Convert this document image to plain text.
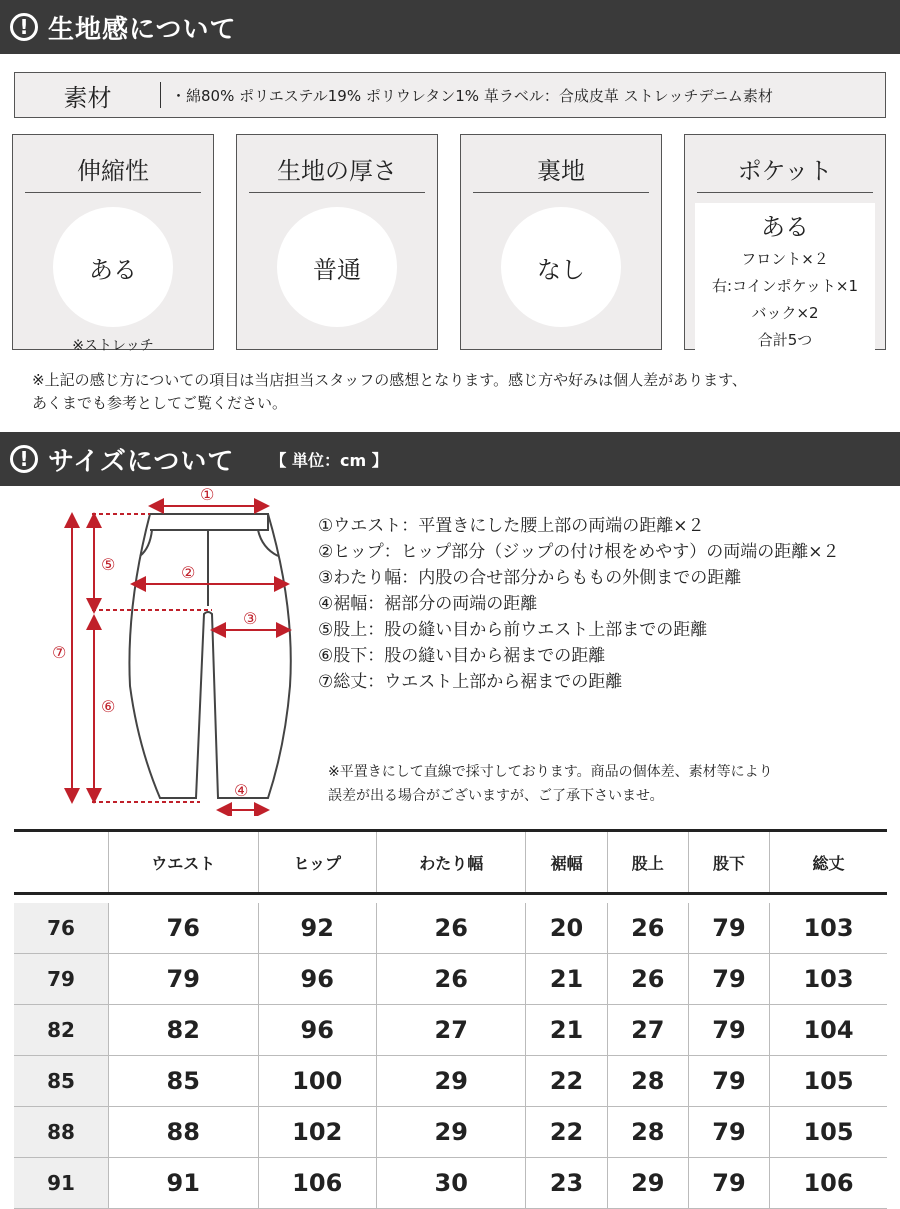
! 生地感について
素材	・綿80% ポリエステル19% ポリウレタン1% 革ラベル：合成皮革 ストレッチデニム素材
伸縮性
ある
※ストレッチ
生地の厚さ
普通
裏地
なし
ポケット
ある
フロント×２
右:コインポケット×1
バック×2
合計5つ
※上記の感じ方についての項目は当店担当スタッフの感想となります。感じ方や好みは個人差があります、
あくまでも参考としてご覧ください。
! サイズについて 【 単位：cm 】
①
②
③
④
⑤
⑥
⑦
①ウエスト：平置きにした腰上部の両端の距離×２
②ヒップ：ヒップ部分（ジップの付け根をめやす）の両端の距離×２
③わたり幅：内股の合せ部分からももの外側までの距離
④裾幅：裾部分の両端の距離
⑤股上：股の縫い目から前ウエスト上部までの距離
⑥股下：股の縫い目から裾までの距離
⑦総丈：ウエスト上部から裾までの距離
※平置きにして直線で採寸しております。商品の個体差、素材等により
誤差が出る場合がございますが、ご了承下さいませ。
	ウエスト	ヒップ	わたり幅	裾幅	股上	股下	総丈

76	76	92	26	20	26	79	103
79	79	96	26	21	26	79	103
82	82	96	27	21	27	79	104
85	85	100	29	22	28	79	105
88	88	102	29	22	28	79	105
91	91	106	30	23	29	79	106
